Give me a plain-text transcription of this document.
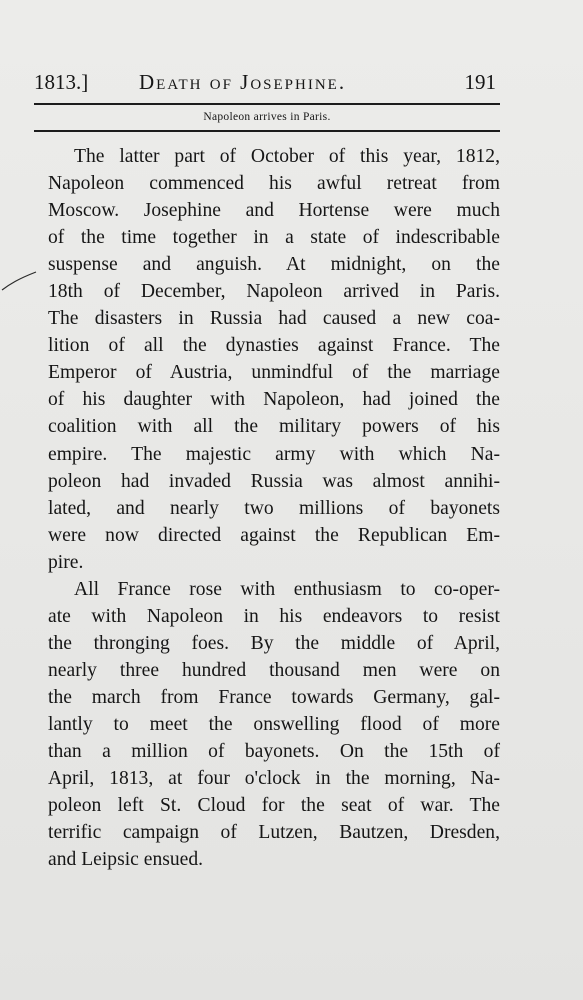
1813.] Death of Josephine.	191
Napoleon arrives in Paris.
The latter part of October of this year, 1812,
Napoleon commenced his awful retreat from
Moscow. Josephine and Hortense were much
of the time together in a state of indescribable
suspense and anguish. At midnight, on the
18th of December, Napoleon arrived in Paris.
The disasters in Russia had caused a new coa-
lition of all the dynasties against France. The
Emperor of Austria, unmindful of the marriage
of his daughter with Napoleon, had joined the
coalition with all the military powers of his
empire. The majestic army with which Na-
poleon had invaded Russia was almost annihi-
lated, and nearly two millions of bayonets
were now directed against the Republican Em-
pire.
All France rose with enthusiasm to co-oper-
ate with Napoleon in his endeavors to resist
the thronging foes. By the middle of April,
nearly three hundred thousand men were on
the march from France towards Germany, gal-
lantly to meet the onswelling flood of more
than a million of bayonets. On the 15th of
April, 1813, at four o'clock in the morning, Na-
poleon left St. Cloud for the seat of war. The
terrific campaign of Lutzen, Bautzen, Dresden,
and Leipsic ensued.
